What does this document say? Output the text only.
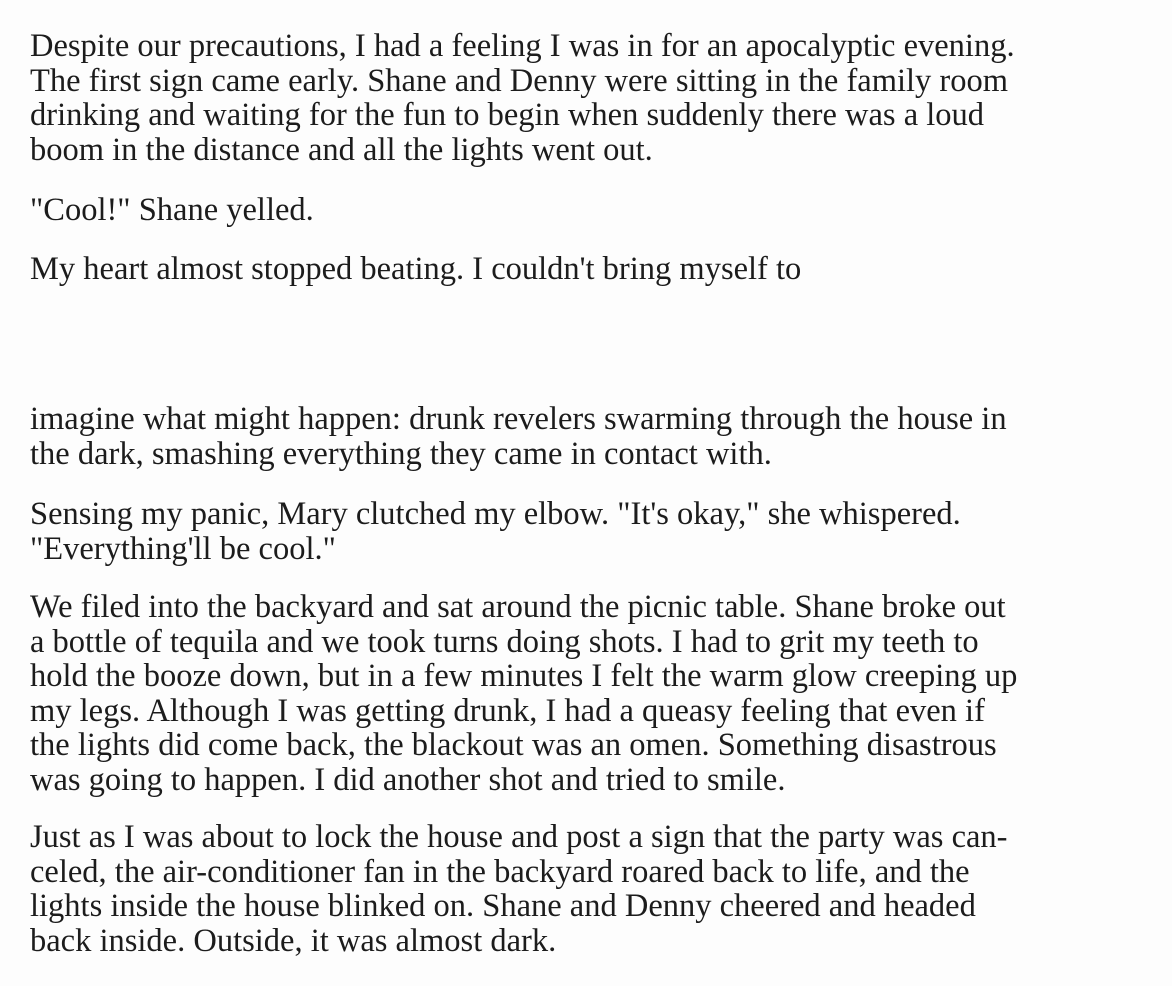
Despite our precautions, I had a feeling I was in for an apocalyptic evening.
The first sign came early. Shane and Denny were sitting in the family room
drinking and waiting for the fun to begin when suddenly there was a loud
boom in the distance and all the lights went out.

"Cool!" Shane yelled.

My heart almost stopped beating. I couldn't bring myself to

imagine what might happen: drunk revelers swarming through the house in
the dark, smashing everything they came in contact with.

Sensing my panic, Mary clutched my elbow. "It's okay," she whispered.
"Everything'll be cool."

We filed into the backyard and sat around the picnic table. Shane broke out
a bottle of tequila and we took turns doing shots. I had to grit my teeth to
hold the booze down, but in a few minutes I felt the warm glow creeping up
my legs. Although I was getting drunk, I had a queasy feeling that even if
the lights did come back, the blackout was an omen. Something disastrous
was going to happen. I did another shot and tried to smile.

Just as I was about to lock the house and post a sign that the party was can-
celed, the air-conditioner fan in the backyard roared back to life, and the
lights inside the house blinked on. Shane and Denny cheered and headed
back inside. Outside, it was almost dark.
